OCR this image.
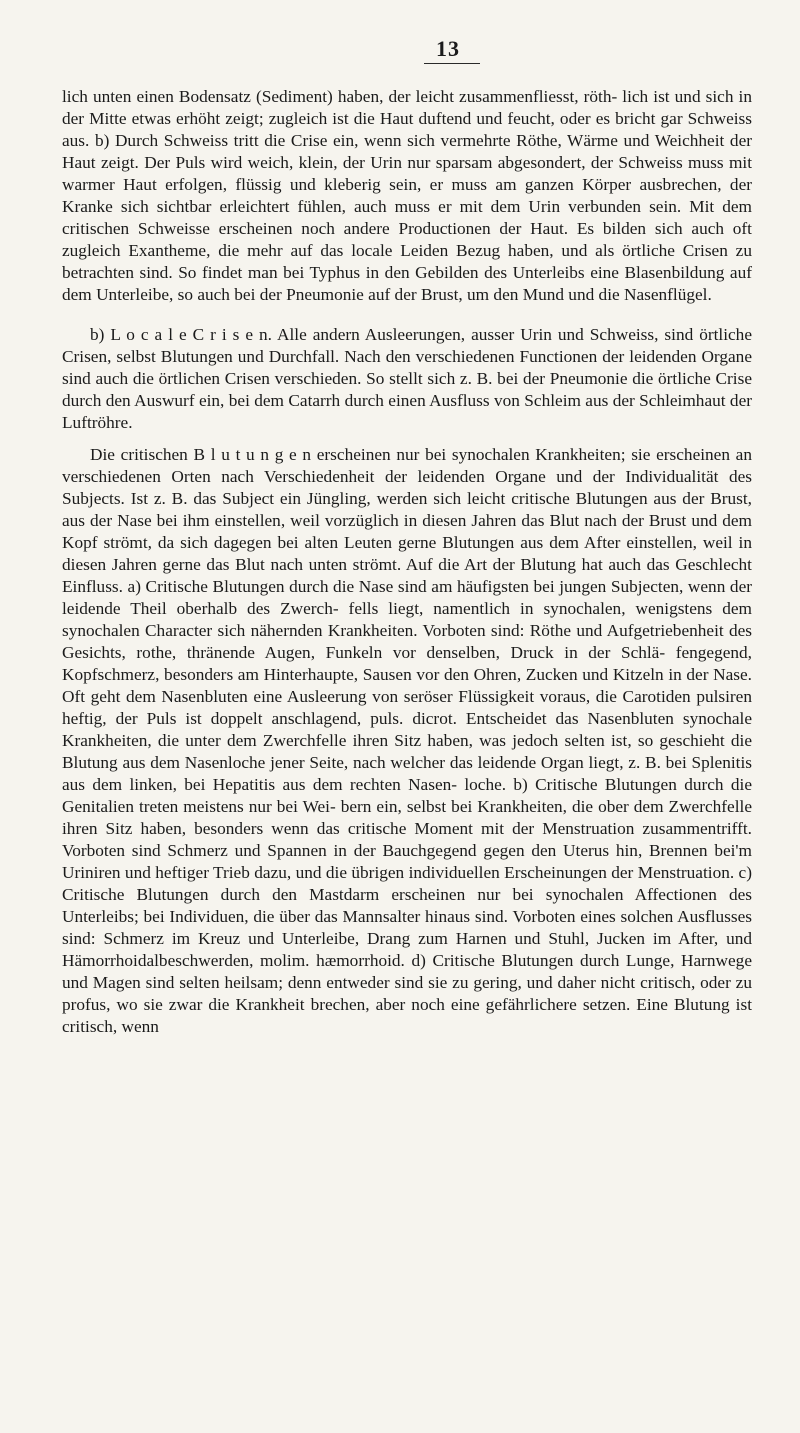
13

lich unten einen Bodensatz (Sediment) haben, der leicht zusammenfliesst, röth- lich ist und sich in der Mitte etwas erhöht zeigt; zugleich ist die Haut duftend und feucht, oder es bricht gar Schweiss aus. b) Durch Schweiss tritt die Crise ein, wenn sich vermehrte Röthe, Wärme und Weichheit der Haut zeigt. Der Puls wird weich, klein, der Urin nur sparsam abgesondert, der Schweiss muss mit warmer Haut erfolgen, flüssig und kleberig sein, er muss am ganzen Körper ausbrechen, der Kranke sich sichtbar erleichtert fühlen, auch muss er mit dem Urin verbunden sein. Mit dem critischen Schweisse erscheinen noch andere Productionen der Haut. Es bilden sich auch oft zugleich Exantheme, die mehr auf das locale Leiden Bezug haben, und als örtliche Crisen zu betrachten sind. So findet man bei Typhus in den Gebilden des Unterleibs eine Blasenbildung auf dem Unterleibe, so auch bei der Pneumonie auf der Brust, um den Mund und die Nasenflügel.

b) L o c a l e C r i s e n. Alle andern Ausleerungen, ausser Urin und Schweiss, sind örtliche Crisen, selbst Blutungen und Durchfall. Nach den verschiedenen Functionen der leidenden Organe sind auch die örtlichen Crisen verschieden. So stellt sich z. B. bei der Pneumonie die örtliche Crise durch den Auswurf ein, bei dem Catarrh durch einen Ausfluss von Schleim aus der Schleimhaut der Luftröhre.

Die critischen B l u t u n g e n erscheinen nur bei synochalen Krankheiten; sie erscheinen an verschiedenen Orten nach Verschiedenheit der leidenden Organe und der Individualität des Subjects. Ist z. B. das Subject ein Jüngling, werden sich leicht critische Blutungen aus der Brust, aus der Nase bei ihm einstellen, weil vorzüglich in diesen Jahren das Blut nach der Brust und dem Kopf strömt, da sich dagegen bei alten Leuten gerne Blutungen aus dem After einstellen, weil in diesen Jahren gerne das Blut nach unten strömt. Auf die Art der Blutung hat auch das Geschlecht Einfluss. a) Critische Blutungen durch die Nase sind am häufigsten bei jungen Subjecten, wenn der leidende Theil oberhalb des Zwerch- fells liegt, namentlich in synochalen, wenigstens dem synochalen Character sich nähernden Krankheiten. Vorboten sind: Röthe und Aufgetriebenheit des Gesichts, rothe, thränende Augen, Funkeln vor denselben, Druck in der Schlä- fengegend, Kopfschmerz, besonders am Hinterhaupte, Sausen vor den Ohren, Zucken und Kitzeln in der Nase. Oft geht dem Nasenbluten eine Ausleerung von seröser Flüssigkeit voraus, die Carotiden pulsiren heftig, der Puls ist doppelt anschlagend, puls. dicrot. Entscheidet das Nasenbluten synochale Krankheiten, die unter dem Zwerchfelle ihren Sitz haben, was jedoch selten ist, so geschieht die Blutung aus dem Nasenloche jener Seite, nach welcher das leidende Organ liegt, z. B. bei Splenitis aus dem linken, bei Hepatitis aus dem rechten Nasen- loche. b) Critische Blutungen durch die Genitalien treten meistens nur bei Wei- bern ein, selbst bei Krankheiten, die ober dem Zwerchfelle ihren Sitz haben, besonders wenn das critische Moment mit der Menstruation zusammentrifft. Vorboten sind Schmerz und Spannen in der Bauchgegend gegen den Uterus hin, Brennen bei'm Uriniren und heftiger Trieb dazu, und die übrigen individuellen Erscheinungen der Menstruation. c) Critische Blutungen durch den Mastdarm erscheinen nur bei synochalen Affectionen des Unterleibs; bei Individuen, die über das Mannsalter hinaus sind. Vorboten eines solchen Ausflusses sind: Schmerz im Kreuz und Unterleibe, Drang zum Harnen und Stuhl, Jucken im After, und Hämorrhoidalbeschwerden, molim. hæmorrhoid. d) Critische Blutungen durch Lunge, Harnwege und Magen sind selten heilsam; denn entweder sind sie zu gering, und daher nicht critisch, oder zu profus, wo sie zwar die Krankheit brechen, aber noch eine gefährlichere setzen. Eine Blutung ist critisch, wenn
